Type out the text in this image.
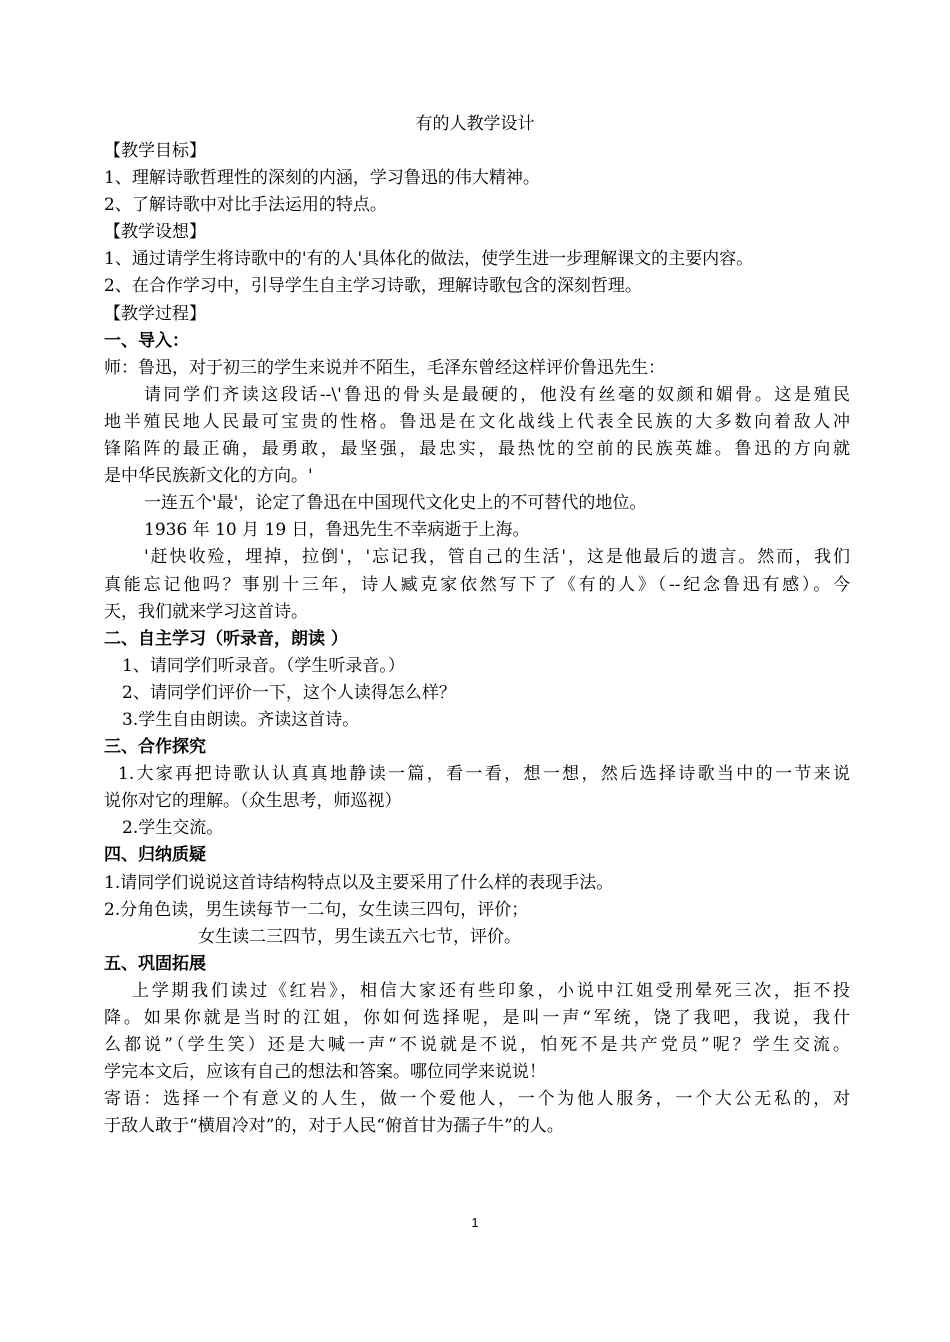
有的人教学设计
【教学目标】
1、理解诗歌哲理性的深刻的内涵，学习鲁迅的伟大精神。
2、了解诗歌中对比手法运用的特点。
【教学设想】
1、通过请学生将诗歌中的'有的人'具体化的做法，使学生进一步理解课文的主要内容。
2、在合作学习中，引导学生自主学习诗歌，理解诗歌包含的深刻哲理。
【教学过程】
一、导入：
师：鲁迅，对于初三的学生来说并不陌生，毛泽东曾经这样评价鲁迅先生：
请同学们齐读这段话--\'鲁迅的骨头是最硬的，他没有丝毫的奴颜和媚骨。这是殖民
地半殖民地人民最可宝贵的性格。鲁迅是在文化战线上代表全民族的大多数向着敌人冲
锋陷阵的最正确，最勇敢，最坚强，最忠实，最热忱的空前的民族英雄。鲁迅的方向就
是中华民族新文化的方向。'
一连五个'最'，论定了鲁迅在中国现代文化史上的不可替代的地位。
1936 年 10 月 19 日，鲁迅先生不幸病逝于上海。
'赶快收殓，埋掉，拉倒'，'忘记我，管自己的生活'，这是他最后的遗言。然而，我们
真能忘记他吗？事别十三年，诗人臧克家依然写下了《有的人》（--纪念鲁迅有感）。今
天，我们就来学习这首诗。
二、自主学习（听录音，朗读 ）
1、请同学们听录音。（学生听录音。）
2、请同学们评价一下，这个人读得怎么样？
3.学生自由朗读。齐读这首诗。
三、合作探究
1.大家再把诗歌认认真真地静读一篇，看一看，想一想，然后选择诗歌当中的一节来说
说你对它的理解。（众生思考，师巡视）
2.学生交流。
四、归纳质疑
1.请同学们说说这首诗结构特点以及主要采用了什么样的表现手法。
2.分角色读，男生读每节一二句，女生读三四句，评价；
女生读二三四节，男生读五六七节，评价。
五、巩固拓展
上学期我们读过《红岩》，相信大家还有些印象，小说中江姐受刑晕死三次，拒不投
降。如果你就是当时的江姐，你如何选择呢，是叫一声“军统，饶了我吧，我说，我什
么都说”（学生笑）还是大喊一声“不说就是不说，怕死不是共产党员”呢？学生交流。
学完本文后，应该有自己的想法和答案。哪位同学来说说！
寄语：选择一个有意义的人生，做一个爱他人，一个为他人服务，一个大公无私的，对
于敌人敢于“横眉冷对”的，对于人民“俯首甘为孺子牛”的人。
1
